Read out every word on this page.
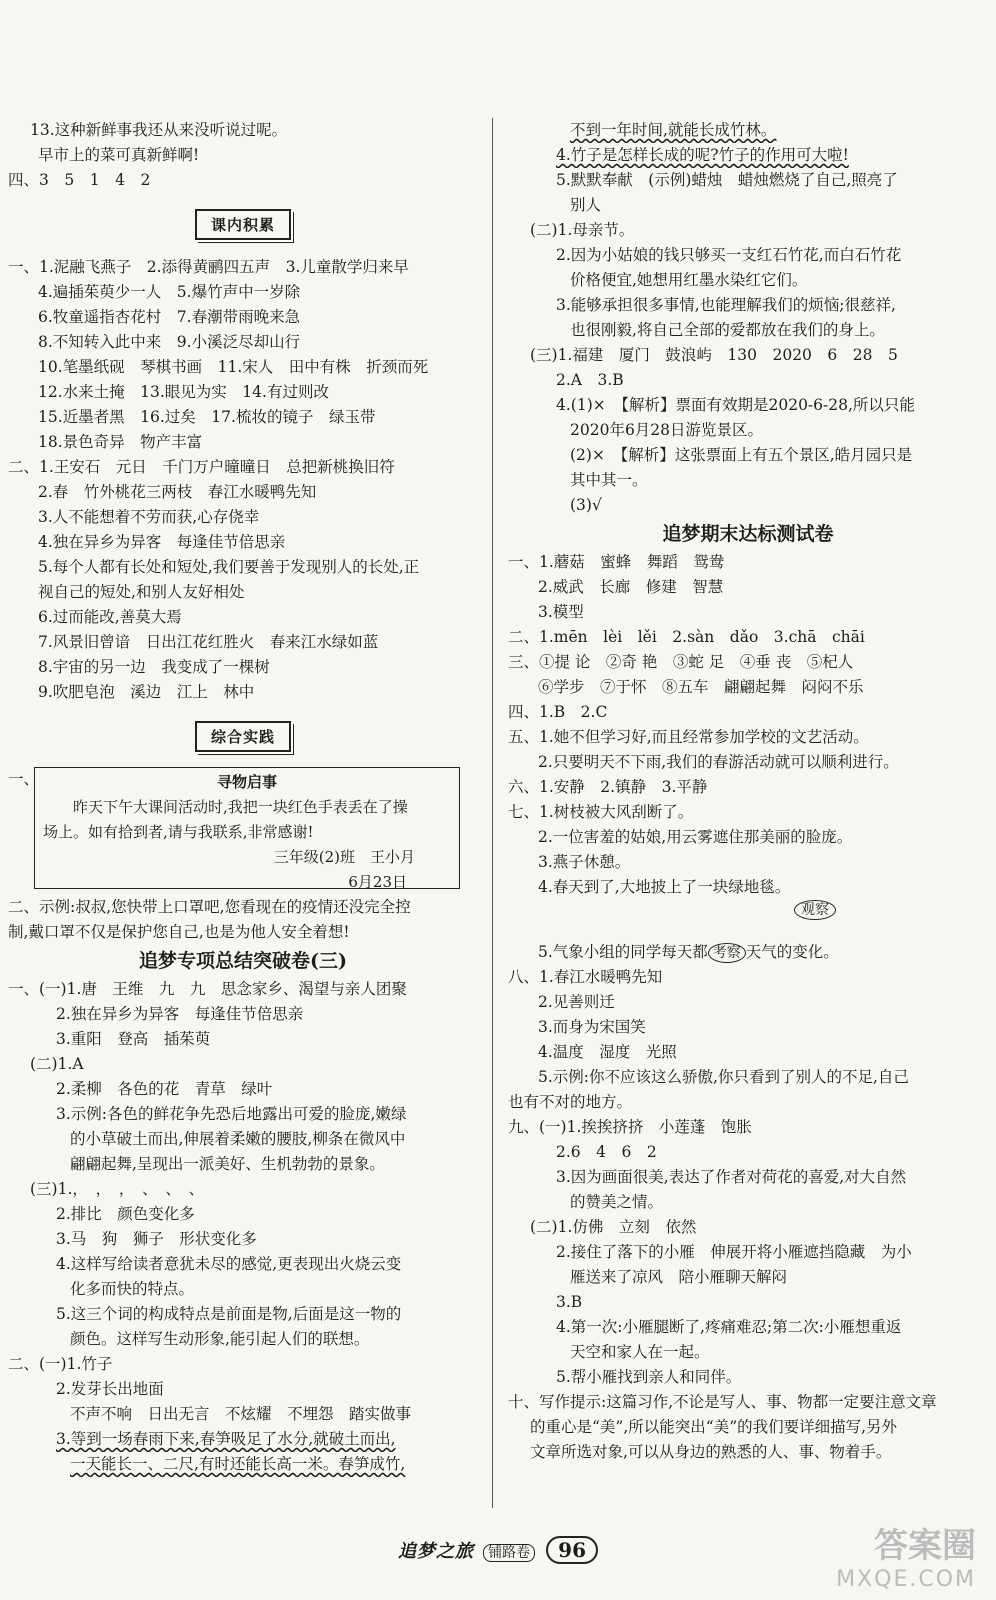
13.这种新鲜事我还从来没听说过呢。
早市上的菜可真新鲜啊!
四、3　5　1　4　2
课内积累
一、1.泥融飞燕子　2.添得黄鹂四五声　3.儿童散学归来早
4.遍插茱萸少一人　5.爆竹声中一岁除
6.牧童遥指杏花村　7.春潮带雨晚来急
8.不知转入此中来　9.小溪泛尽却山行
10.笔墨纸砚　琴棋书画　11.宋人　田中有株　折颈而死
12.水来土掩　13.眼见为实　14.有过则改
15.近墨者黑　16.过矣　17.梳妆的镜子　绿玉带
18.景色奇异　物产丰富
二、1.王安石　元日　千门万户曈曈日　总把新桃换旧符
2.春　竹外桃花三两枝　春江水暖鸭先知
3.人不能想着不劳而获,心存侥幸
4.独在异乡为异客　每逢佳节倍思亲
5.每个人都有长处和短处,我们要善于发现别人的长处,正
视自己的短处,和别人友好相处
6.过而能改,善莫大焉
7.风景旧曾谙　日出江花红胜火　春来江水绿如蓝
8.宇宙的另一边　我变成了一棵树
9.吹肥皂泡　溪边　江上　林中
综合实践
一、	寻物启事
　　昨天下午大课间活动时,我把一块红色手表丢在了操
场上。如有拾到者,请与我联系,非常感谢!
三年级(2)班　王小月
6月23日
二、示例:叔叔,您快带上口罩吧,您看现在的疫情还没完全控
制,戴口罩不仅是保护您自己,也是为他人安全着想!
追梦专项总结突破卷(三)
一、(一)1.唐　王维　九　九　思念家乡、渴望与亲人团聚
2.独在异乡为异客　每逢佳节倍思亲
3.重阳　登高　插茱萸
(二)1.A
2.柔柳　各色的花　青草　绿叶
3.示例:各色的鲜花争先恐后地露出可爱的脸庞,嫩绿
的小草破土而出,伸展着柔嫩的腰肢,柳条在微风中
翩翩起舞,呈现出一派美好、生机勃勃的景象。
(三)1.，　，　，　、　、　、
2.排比　颜色变化多
3.马　狗　狮子　形状变化多
4.这样写给读者意犹未尽的感觉,更表现出火烧云变
化多而快的特点。
5.这三个词的构成特点是前面是物,后面是这一物的
颜色。这样写生动形象,能引起人们的联想。
二、(一)1.竹子
2.发芽长出地面
不声不响　日出无言　不炫耀　不埋怨　踏实做事
3.等到一场春雨下来,春笋吸足了水分,就破土而出,
一天能长一、二尺,有时还能长高一米。春笋成竹,
不到一年时间,就能长成竹林。
4.竹子是怎样长成的呢?竹子的作用可大啦!
5.默默奉献　(示例)蜡烛　蜡烛燃烧了自己,照亮了
别人
(二)1.母亲节。
2.因为小姑娘的钱只够买一支红石竹花,而白石竹花
价格便宜,她想用红墨水染红它们。
3.能够承担很多事情,也能理解我们的烦恼;很慈祥,
也很刚毅,将自己全部的爱都放在我们的身上。
(三)1.福建　厦门　鼓浪屿　130　2020　6　28　5
2.A　3.B
4.(1)×　【解析】票面有效期是2020-6-28,所以只能
2020年6月28日游览景区。
(2)×　【解析】这张票面上有五个景区,皓月园只是
其中其一。
(3)√
追梦期末达标测试卷
一、1.蘑菇　蜜蜂　舞蹈　鸳鸯
2.威武　长廊　修建　智慧
3.模型
二、1.mēn　lèi　lěi　2.sàn　dǎo　3.chā　chāi
三、①提 论　②奇 艳　③蛇 足　④垂 丧　⑤杞人
⑥学步　⑦于怀　⑧五车　翩翩起舞　闷闷不乐
四、1.B　2.C
五、1.她不但学习好,而且经常参加学校的文艺活动。
2.只要明天不下雨,我们的春游活动就可以顺利进行。
六、1.安静　2.镇静　3.平静
七、1.树枝被大风刮断了。
2.一位害羞的姑娘,用云雾遮住那美丽的脸庞。
3.燕子休憩。
4.春天到了,大地披上了一块绿地毯。
观察
5.气象小组的同学每天都 考察 天气的变化。
八、1.春江水暖鸭先知
2.见善则迁
3.而身为宋国笑
4.温度　湿度　光照
5.示例:你不应该这么骄傲,你只看到了别人的不足,自己
也有不对的地方。
九、(一)1.挨挨挤挤　小莲蓬　饱胀
2.6　4　6　2
3.因为画面很美,表达了作者对荷花的喜爱,对大自然
的赞美之情。
(二)1.仿佛　立刻　依然
2.接住了落下的小雁　伸展开将小雁遮挡隐藏　为小
雁送来了凉风　陪小雁聊天解闷
3.B
4.第一次:小雁腿断了,疼痛难忍;第二次:小雁想重返
天空和家人在一起。
5.帮小雁找到亲人和同伴。
十、写作提示:这篇习作,不论是写人、事、物都一定要注意文章
的重心是“美”,所以能突出“美”的我们要详细描写,另外
文章所选对象,可以从身边的熟悉的人、事、物着手。
追梦之旅 铺路卷 96	答案圈
MXQE.COM
